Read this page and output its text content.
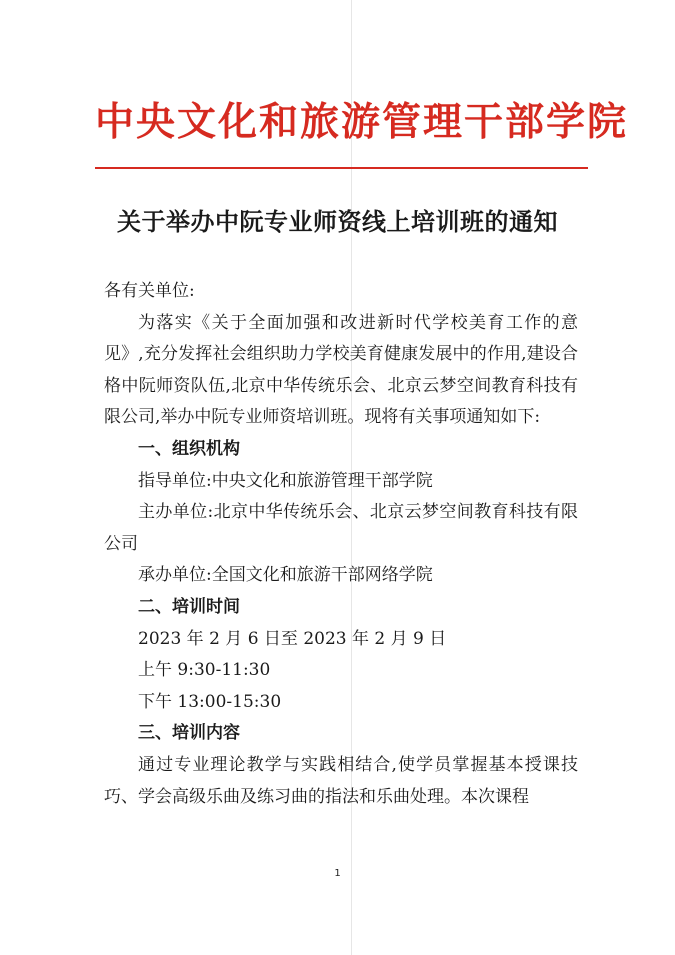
中央文化和旅游管理干部学院
关于举办中阮专业师资线上培训班的通知

各有关单位:

为落实《关于全面加强和改进新时代学校美育工作的意见》,充分发挥社会组织助力学校美育健康发展中的作用,建设合格中阮师资队伍,北京中华传统乐会、北京云梦空间教育科技有限公司,举办中阮专业师资培训班。现将有关事项通知如下:

一、组织机构

指导单位:中央文化和旅游管理干部学院

主办单位:北京中华传统乐会、北京云梦空间教育科技有限公司

承办单位:全国文化和旅游干部网络学院

二、培训时间

2023 年 2 月 6 日至 2023 年 2 月 9 日

上午 9:30-11:30

下午 13:00-15:30

三、培训内容

通过专业理论教学与实践相结合,使学员掌握基本授课技巧、学会高级乐曲及练习曲的指法和乐曲处理。本次课程

1
